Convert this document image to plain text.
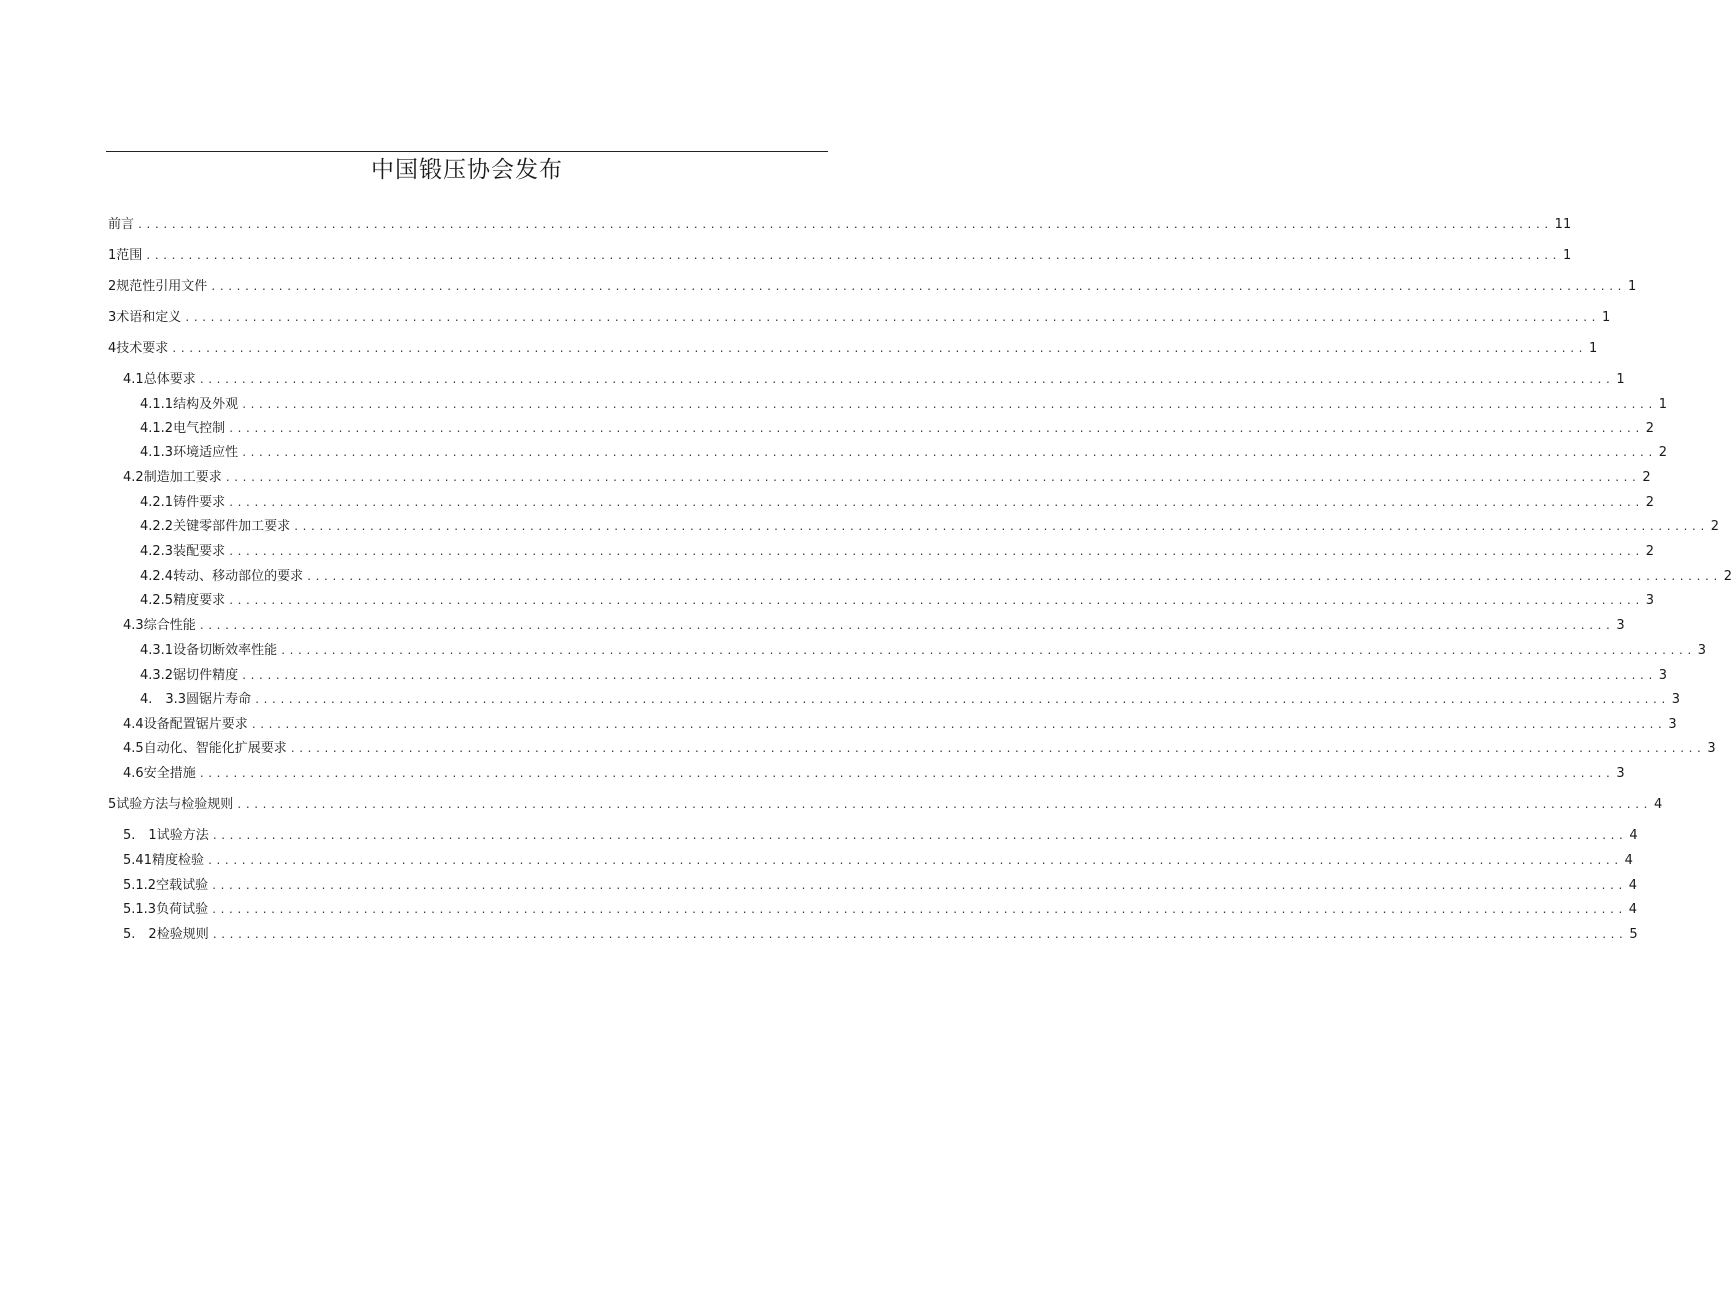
中国锻压协会发布
前言 ........................................................................................................................................................................ 11
1 范围 ........................................................................................................................................................................ 1
2 规范性引用文件 ........................................................................................................................................................................ 1
3 术语和定义 ........................................................................................................................................................................ 1
4 技术要求 ........................................................................................................................................................................ 1
4.1 总体要求 ........................................................................................................................................................................ 1
4.1.1 结构及外观 ........................................................................................................................................................................ 1
4.1.2 电气控制 ........................................................................................................................................................................ 2
4.1.3 环境适应性 ........................................................................................................................................................................ 2
4.2 制造加工要求 ........................................................................................................................................................................ 2
4.2.1 铸件要求 ........................................................................................................................................................................ 2
4.2.2 关键零部件加工要求 ........................................................................................................................................................................ 2
4.2.3 装配要求 ........................................................................................................................................................................ 2
4.2.4 转动、移动部位的要求 ........................................................................................................................................................................ 2
4.2.5 精度要求 ........................................................................................................................................................................ 3
4.3 综合性能 ........................................................................................................................................................................ 3
4.3.1 设备切断效率性能 ........................................................................................................................................................................ 3
4.3.2 锯切件精度 ........................................................................................................................................................................ 3
4.　3.3 圆锯片寿命 ........................................................................................................................................................................ 3
4.4 设备配置锯片要求 ........................................................................................................................................................................ 3
4.5 自动化、智能化扩展要求 ........................................................................................................................................................................ 3
4.6 安全措施 ........................................................................................................................................................................ 3
5 试验方法与检验规则 ........................................................................................................................................................................ 4
5.　1 试验方法 ........................................................................................................................................................................ 4
5.4 1精度检验 ........................................................................................................................................................................ 4
5.1.2 空载试验 ........................................................................................................................................................................ 4
5.1.3 负荷试验 ........................................................................................................................................................................ 4
5.　2 检验规则 ........................................................................................................................................................................ 5
